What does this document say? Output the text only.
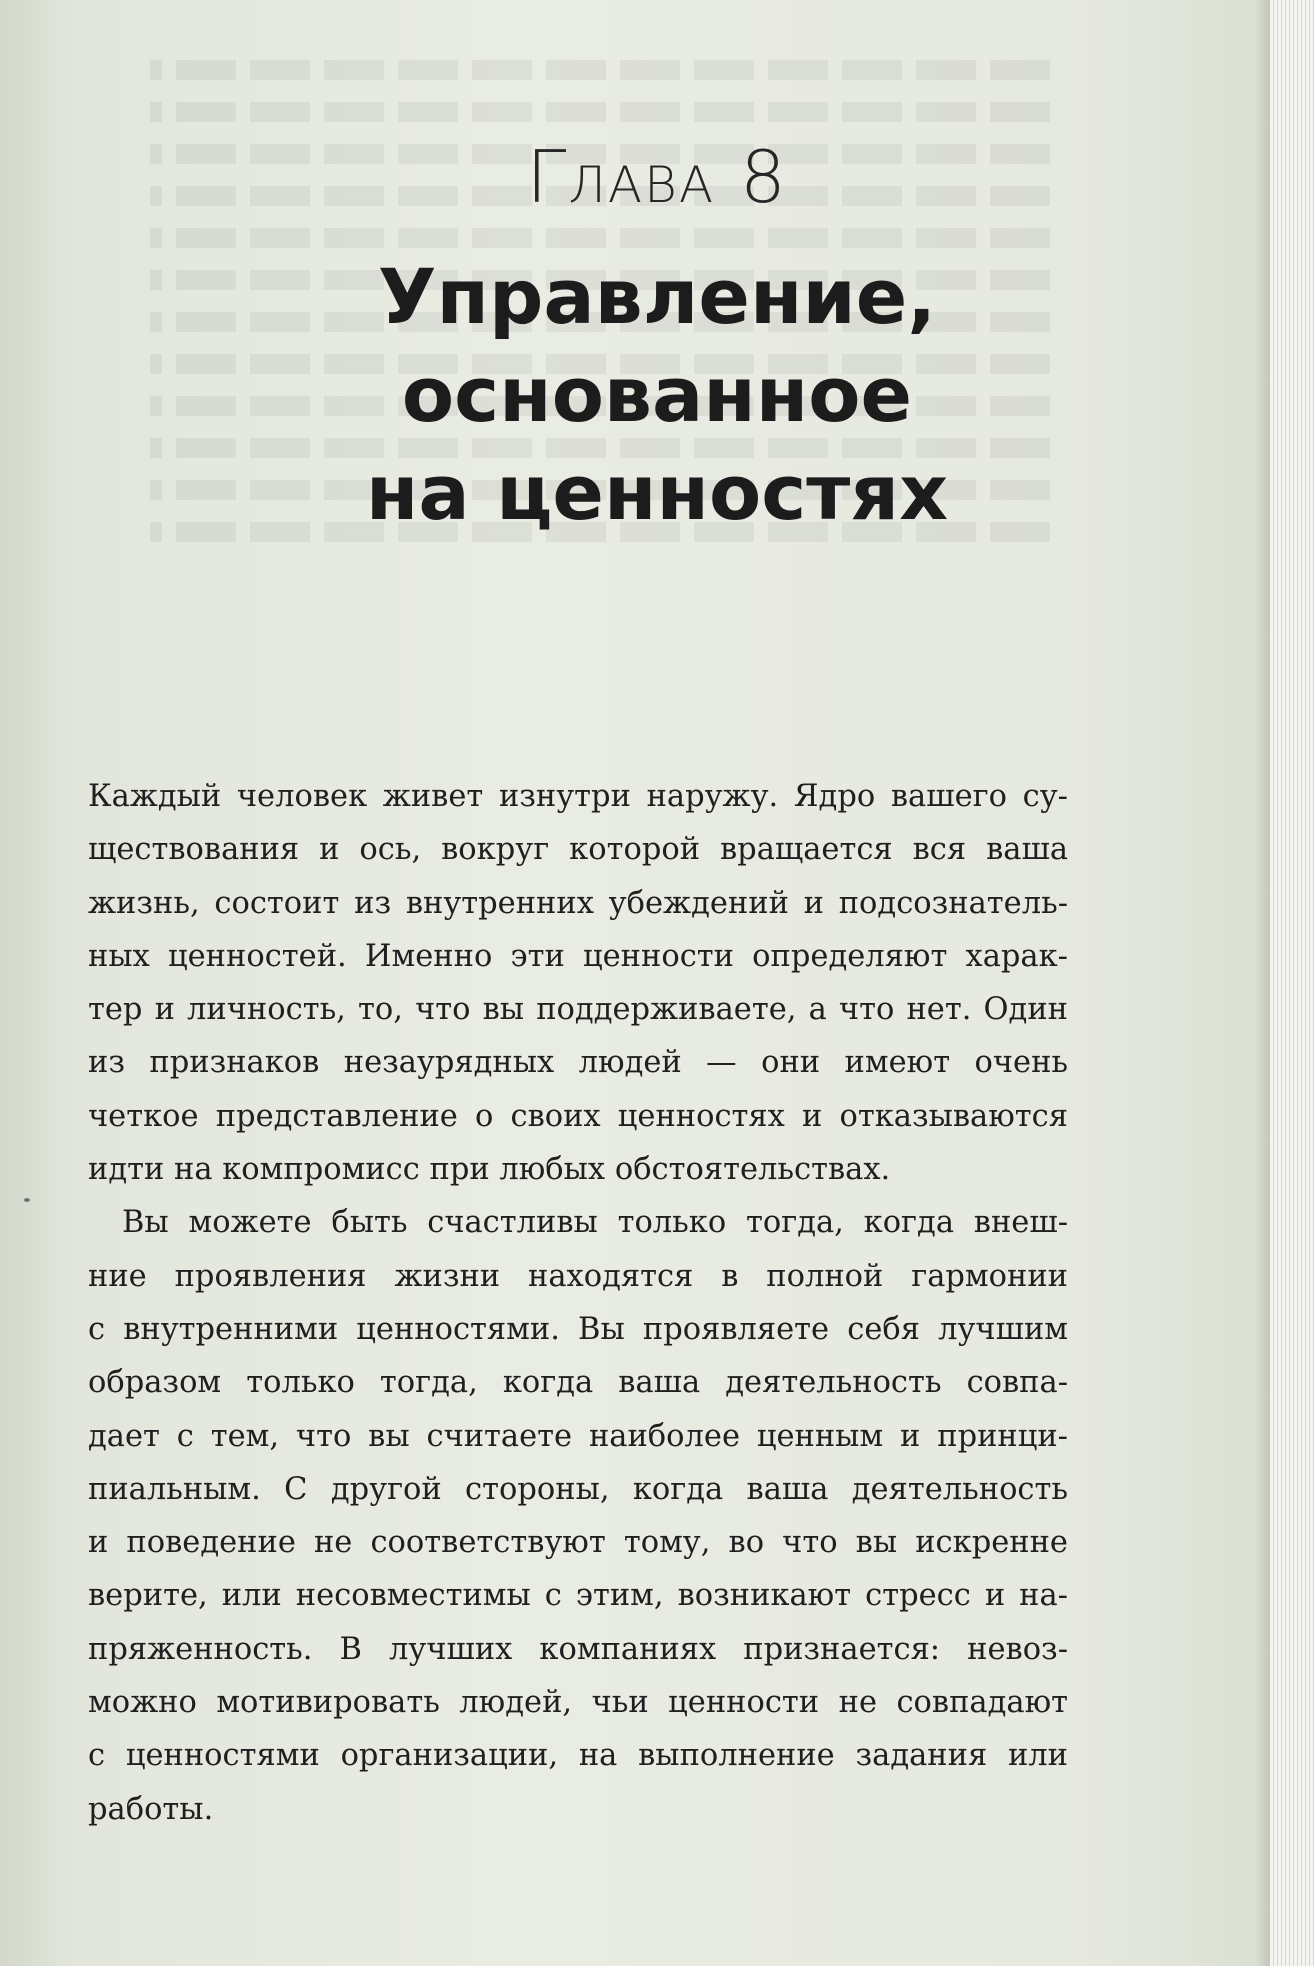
Глава 8
Управление,
основанное
на ценностях

Каждый человек живет изнутри наружу. Ядро вашего су-
ществования и ось, вокруг которой вращается вся ваша
жизнь, состоит из внутренних убеждений и подсознатель-
ных ценностей. Именно эти ценности определяют харак-
тер и личность, то, что вы поддерживаете, а что нет. Один
из признаков незаурядных людей — они имеют очень
четкое представление о своих ценностях и отказываются
идти на компромисс при любых обстоятельствах.

Вы можете быть счастливы только тогда, когда внеш-
ние проявления жизни находятся в полной гармонии
с внутренними ценностями. Вы проявляете себя лучшим
образом только тогда, когда ваша деятельность совпа-
дает с тем, что вы считаете наиболее ценным и принци-
пиальным. С другой стороны, когда ваша деятельность
и поведение не соответствуют тому, во что вы искренне
верите, или несовместимы с этим, возникают стресс и на-
пряженность. В лучших компаниях признается: невоз-
можно мотивировать людей, чьи ценности не совпадают
с ценностями организации, на выполнение задания или
работы.
